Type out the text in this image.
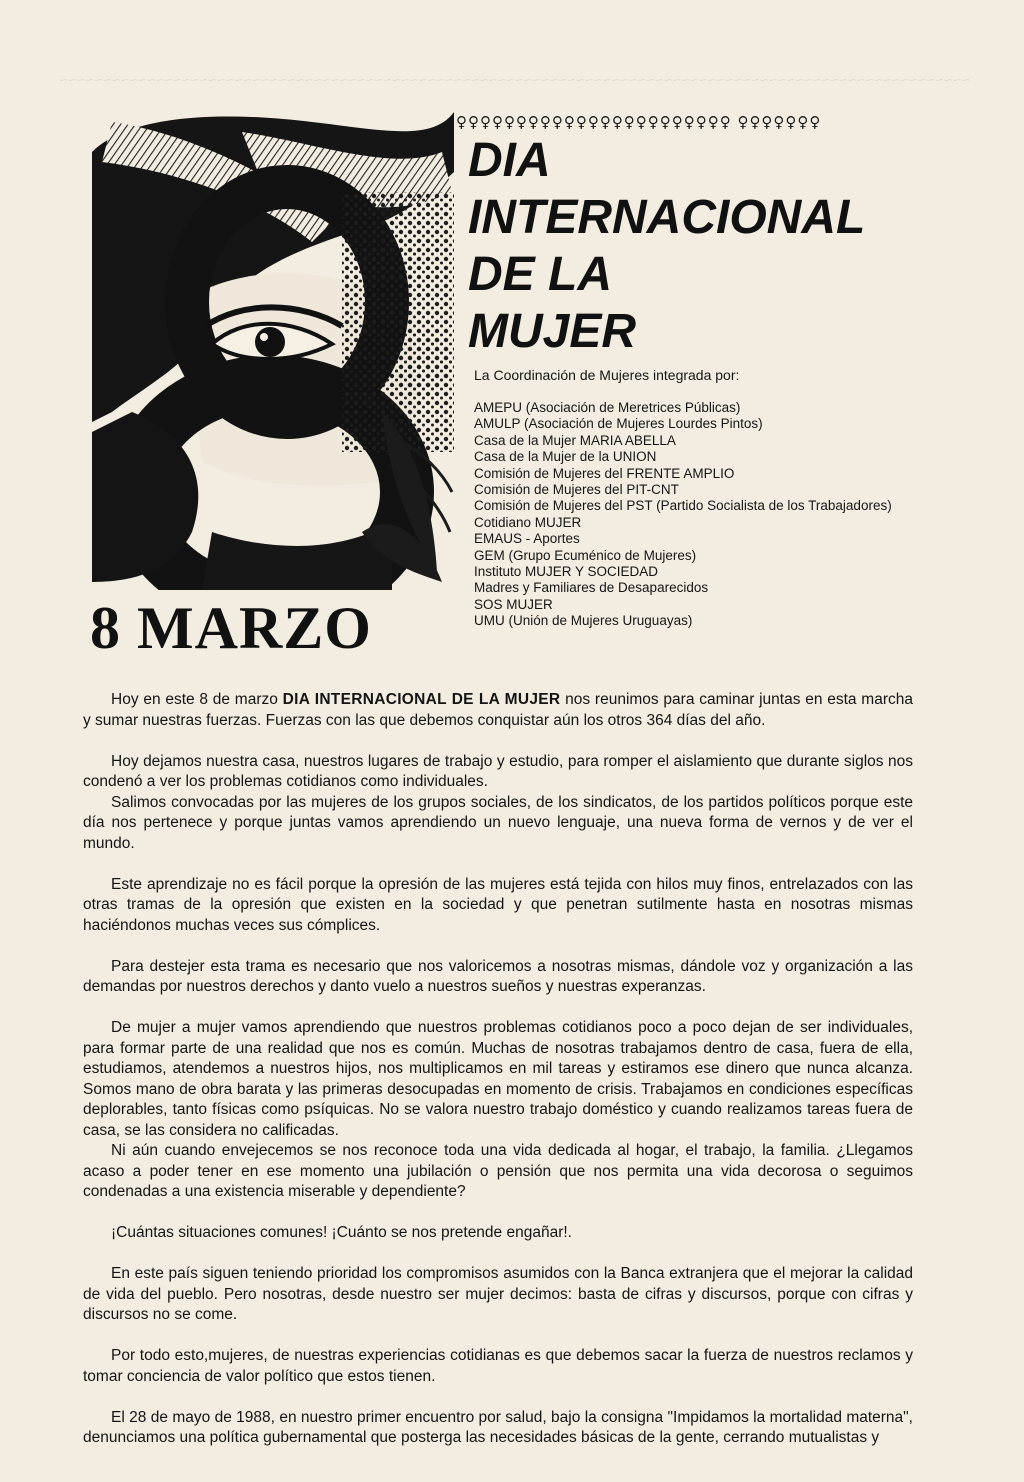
~~~~~~~~~~~~~~~~~~~~~~~~~~~~~~~~~~~~~~~~~~~~~~~~~~~~~~~~~~~~~~~~~~~~~~~~~~~~~~~~~~~~~~~~~~~~~~~~~~~~~~~~
♀♀♀♀♀♀♀♀♀♀♀♀♀♀♀♀♀♀♀♀♀♀♀ ♀♀♀♀♀♀♀
DIA
INTERNACIONAL
DE LA
MUJER
La Coordinación de Mujeres integrada por:
AMEPU (Asociación de Meretrices Públicas)
AMULP (Asociación de Mujeres Lourdes Pintos)
Casa de la Mujer MARIA ABELLA
Casa de la Mujer de la UNION
Comisión de Mujeres del FRENTE AMPLIO
Comisión de Mujeres del PIT-CNT
Comisión de Mujeres del PST (Partido Socialista de los Trabajadores)
Cotidiano MUJER
EMAUS - Aportes
GEM (Grupo Ecuménico de Mujeres)
Instituto MUJER Y SOCIEDAD
Madres y Familiares de Desaparecidos
SOS MUJER
UMU (Unión de Mujeres Uruguayas)
8 MARZO

Hoy en este 8 de marzo DIA INTERNACIONAL DE LA MUJER nos reunimos para caminar juntas en esta marcha y sumar nuestras fuerzas. Fuerzas con las que debemos conquistar aún los otros 364 días del año.

Hoy dejamos nuestra casa, nuestros lugares de trabajo y estudio, para romper el aislamiento que durante siglos nos condenó a ver los problemas cotidianos como individuales.

Salimos convocadas por las mujeres de los grupos sociales, de los sindicatos, de los partidos políticos porque este día nos pertenece y porque juntas vamos aprendiendo un nuevo lenguaje, una nueva forma de vernos y de ver el mundo.

Este aprendizaje no es fácil porque la opresión de las mujeres está tejida con hilos muy finos, entrelazados con las otras tramas de la opresión que existen en la sociedad y que penetran sutilmente hasta en nosotras mismas haciéndonos muchas veces sus cómplices.

Para destejer esta trama es necesario que nos valoricemos a nosotras mismas, dándole voz y organización a las demandas por nuestros derechos y danto vuelo a nuestros sueños y nuestras experanzas.

De mujer a mujer vamos aprendiendo que nuestros problemas cotidianos poco a poco dejan de ser individuales, para formar parte de una realidad que nos es común. Muchas de nosotras trabajamos dentro de casa, fuera de ella, estudiamos, atendemos a nuestros hijos, nos multiplicamos en mil tareas y estiramos ese dinero que nunca alcanza. Somos mano de obra barata y las primeras desocupadas en momento de crisis. Trabajamos en condiciones específicas deplorables, tanto físicas como psíquicas. No se valora nuestro trabajo doméstico y cuando realizamos tareas fuera de casa, se las considera no calificadas.

Ni aún cuando envejecemos se nos reconoce toda una vida dedicada al hogar, el trabajo, la familia. ¿Llegamos acaso a poder tener en ese momento una jubilación o pensión que nos permita una vida decorosa o seguimos condenadas a una existencia miserable y dependiente?

¡Cuántas situaciones comunes! ¡Cuánto se nos pretende engañar!.

En este país siguen teniendo prioridad los compromisos asumidos con la Banca extranjera que el mejorar la calidad de vida del pueblo. Pero nosotras, desde nuestro ser mujer decimos: basta de cifras y discursos, porque con cifras y discursos no se come.

Por todo esto,mujeres, de nuestras experiencias cotidianas es que debemos sacar la fuerza de nuestros reclamos y tomar conciencia de valor político que estos tienen.

El 28 de mayo de 1988, en nuestro primer encuentro por salud, bajo la consigna "Impidamos la mortalidad materna", denunciamos una política gubernamental que posterga las necesidades básicas de la gente, cerrando mutualistas y
